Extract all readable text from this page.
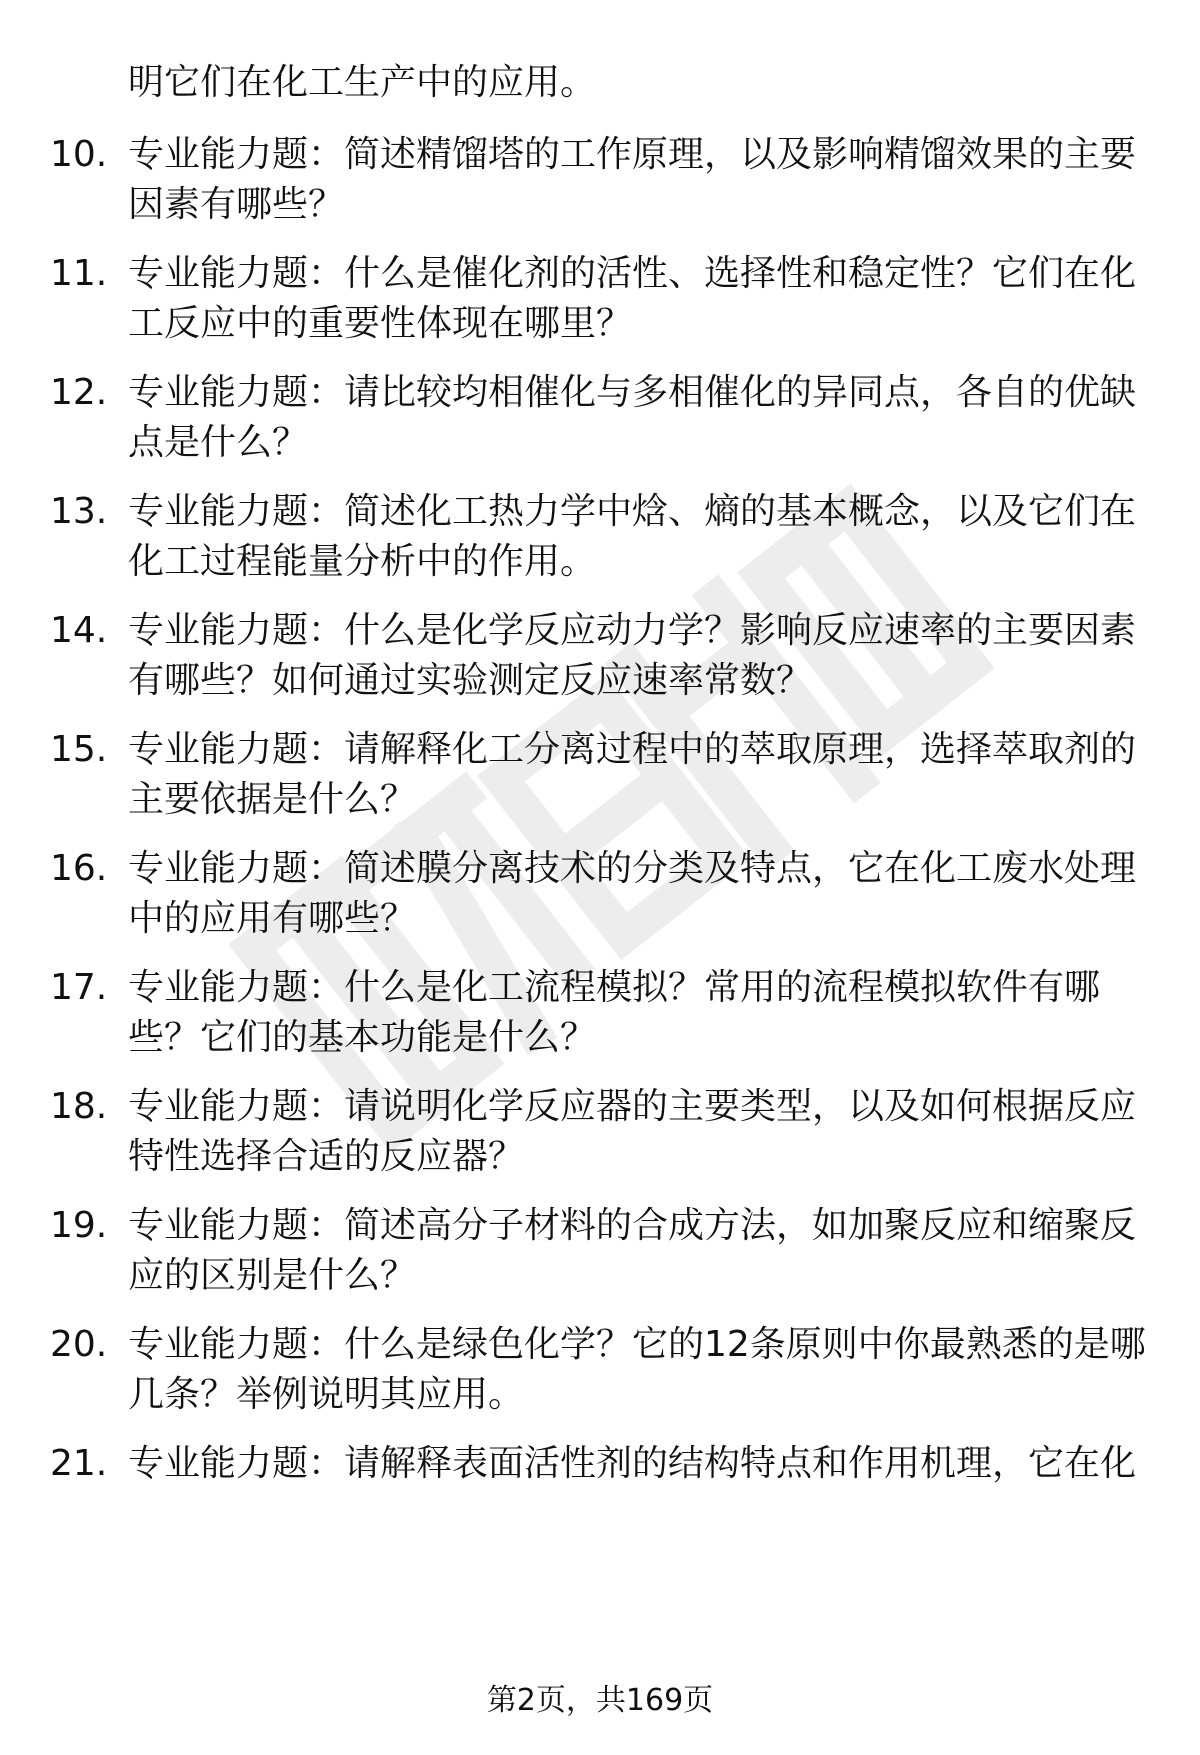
明它们在化工生产中的应用。

10. 专业能力题：简述精馏塔的工作原理，以及影响精馏效果的主要
因素有哪些？

11. 专业能力题：什么是催化剂的活性、选择性和稳定性？它们在化
工反应中的重要性体现在哪里？

12. 专业能力题：请比较均相催化与多相催化的异同点，各自的优缺
点是什么？

13. 专业能力题：简述化工热力学中焓、熵的基本概念，以及它们在
化工过程能量分析中的作用。

14. 专业能力题：什么是化学反应动力学？影响反应速率的主要因素
有哪些？如何通过实验测定反应速率常数？

15. 专业能力题：请解释化工分离过程中的萃取原理，选择萃取剂的
主要依据是什么？

16. 专业能力题：简述膜分离技术的分类及特点，它在化工废水处理
中的应用有哪些？

17. 专业能力题：什么是化工流程模拟？常用的流程模拟软件有哪
些？它们的基本功能是什么？

18. 专业能力题：请说明化学反应器的主要类型，以及如何根据反应
特性选择合适的反应器？

19. 专业能力题：简述高分子材料的合成方法，如加聚反应和缩聚反
应的区别是什么？

20. 专业能力题：什么是绿色化学？它的12条原则中你最熟悉的是哪
几条？举例说明其应用。

21. 专业能力题：请解释表面活性剂的结构特点和作用机理，它在化

第2页，共169页
